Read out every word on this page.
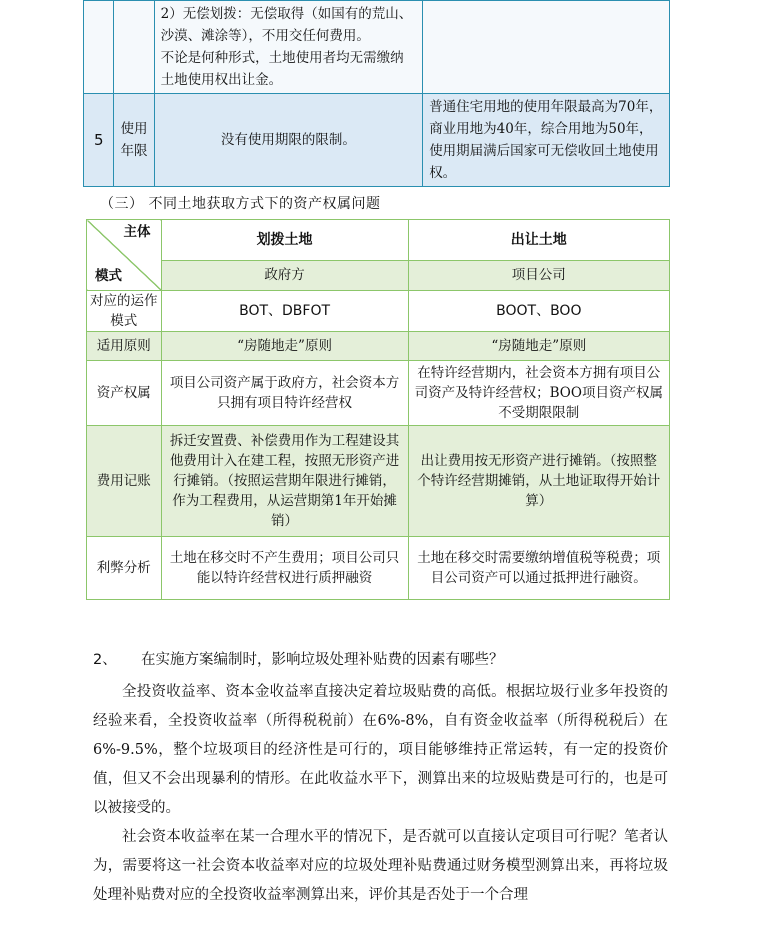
		2）无偿划拨：无偿取得（如国有的荒山、沙漠、滩涂等），不用交任何费用。
不论是何种形式，土地使用者均无需缴纳土地使用权出让金。	

5	使用年限	没有使用期限的限制。	普通住宅用地的使用年限最高为70年，商业用地为40年，综合用地为50年，使用期届满后国家可无偿收回土地使用权。
（三） 不同土地获取方式下的资产权属问题
主体
模式	划拨土地	出让土地
	政府方	项目公司
对应的运作模式	BOT、DBFOT	BOOT、BOO
适用原则	“房随地走”原则	“房随地走”原则
资产权属	项目公司资产属于政府方，社会资本方只拥有项目特许经营权	在特许经营期内，社会资本方拥有项目公司资产及特许经营权；BOO项目资产权属不受期限限制
费用记账	拆迁安置费、补偿费用作为工程建设其他费用计入在建工程，按照无形资产进行摊销。（按照运营期年限进行摊销，作为工程费用，从运营期第1年开始摊销）	出让费用按无形资产进行摊销。（按照整个特许经营期摊销，从土地证取得开始计算）
利弊分析	土地在移交时不产生费用；项目公司只能以特许经营权进行质押融资	土地在移交时需要缴纳增值税等税费；项目公司资产可以通过抵押进行融资。
2、 在实施方案编制时，影响垃圾处理补贴费的因素有哪些？

全投资收益率、资本金收益率直接决定着垃圾贴费的高低。根据垃圾行业多年投资的经验来看，全投资收益率（所得税税前）在6%-8%，自有资金收益率（所得税税后）在6%-9.5%，整个垃圾项目的经济性是可行的，项目能够维持正常运转，有一定的投资价值，但又不会出现暴利的情形。在此收益水平下，测算出来的垃圾贴费是可行的，也是可以被接受的。

社会资本收益率在某一合理水平的情况下，是否就可以直接认定项目可行呢？笔者认为，需要将这一社会资本收益率对应的垃圾处理补贴费通过财务模型测算出来，再将垃圾处理补贴费对应的全投资收益率测算出来，评价其是否处于一个合理
